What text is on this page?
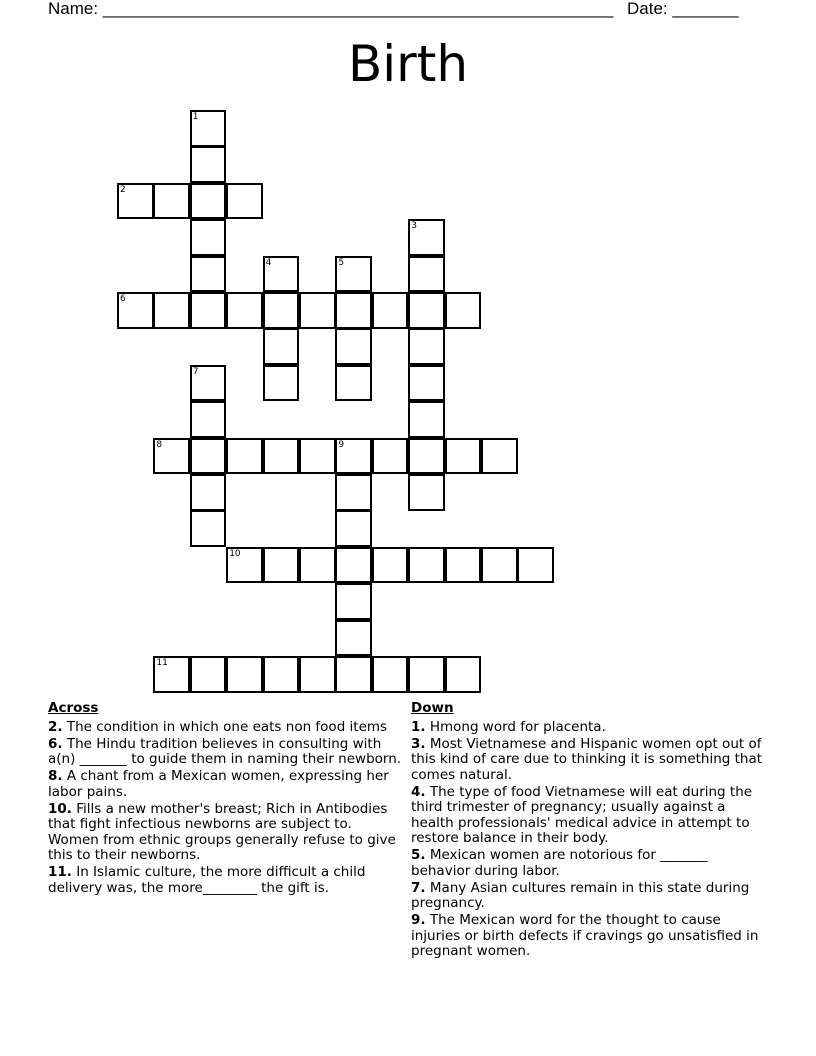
Name: ______________________________________________________ Date: _______
Birth
1
2
3
4	5
6
7
8	9
10
11
Across
2. The condition in which one eats non food items
6. The Hindu tradition believes in consulting with a(n) _______ to guide them in naming their newborn.
8. A chant from a Mexican women, expressing her labor pains.
10. Fills a new mother's breast; Rich in Antibodies that fight infectious newborns are subject to. Women from ethnic groups generally refuse to give this to their newborns.
11. In Islamic culture, the more difficult a child delivery was, the more________ the gift is.
Down
1. Hmong word for placenta.
3. Most Vietnamese and Hispanic women opt out of this kind of care due to thinking it is something that comes natural.
4. The type of food Vietnamese will eat during the third trimester of pregnancy; usually against a health professionals' medical advice in attempt to restore balance in their body.
5. Mexican women are notorious for _______ behavior during labor.
7. Many Asian cultures remain in this state during pregnancy.
9. The Mexican word for the thought to cause injuries or birth defects if cravings go unsatisfied in pregnant women.
